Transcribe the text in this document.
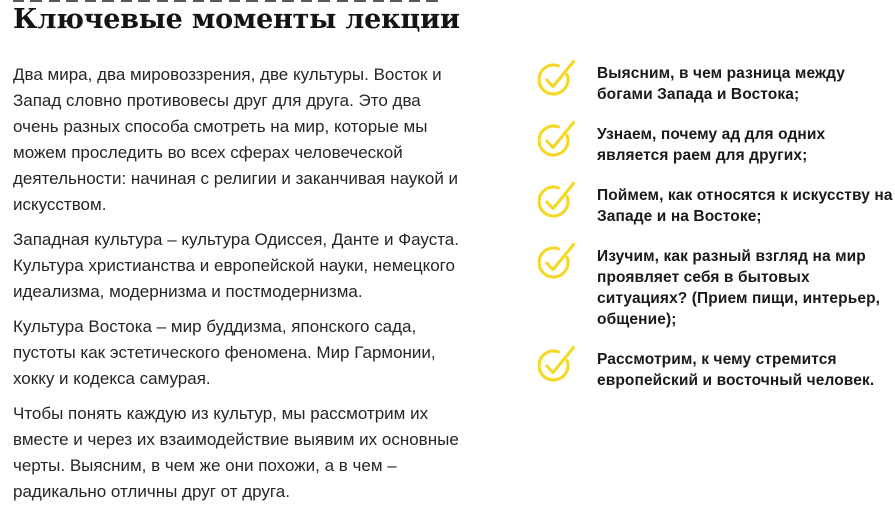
Ключевые моменты лекции

Два мира, два мировоззрения, две культуры. Восток и Запад словно противовесы друг для друга. Это два очень разных способа смотреть на мир, которые мы можем проследить во всех сферах человеческой деятельности: начиная с религии и заканчивая наукой и искусством.

Западная культура – культура Одиссея, Данте и Фауста. Культура христианства и европейской науки, немецкого идеализма, модернизма и постмодернизма.

Культура Востока – мир буддизма, японского сада, пустоты как эстетического феномена. Мир Гармонии, хокку и кодекса самурая.

Чтобы понять каждую из культур, мы рассмотрим их вместе и через их взаимодействие выявим их основные черты. Выясним, в чем же они похожи, а в чем – радикально отличны друг от друга.

Выясним, в чем разница между богами Запада и Востока;
Узнаем, почему ад для одних является раем для других;
Поймем, как относятся к искусству на Западе и на Востоке;
Изучим, как разный взгляд на мир проявляет себя в бытовых ситуациях? (Прием пищи, интерьер, общение);
Рассмотрим, к чему стремится европейский и восточный человек.
